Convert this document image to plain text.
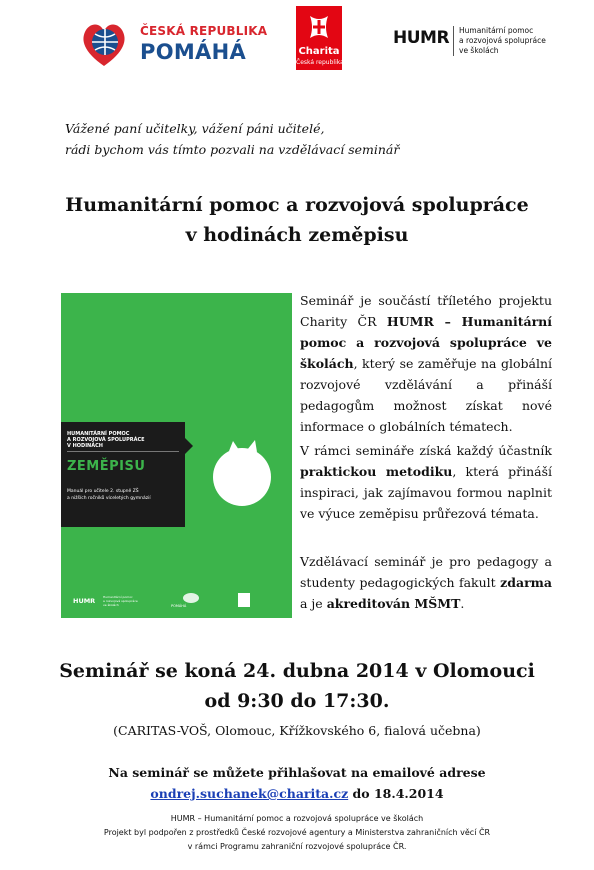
ČESKÁ REPUBLIKA
POMÁHÁ	Charita
Česká republika
HUMR Humanitární pomoc
a rozvojová spolupráce
ve školách
Vážené paní učitelky, vážení páni učitelé,
rádi bychom vás tímto pozvali na vzdělávací seminář
Humanitární pomoc a rozvojová spolupráce
v hodinách zeměpisu
HUMANITÁRNÍ POMOC
A ROZVOJOVÁ SPOLUPRÁCE
V HODINÁCH
ZEMĚPISU
Manuál pro učitele 2. stupně ZŠ
a nižších ročníků víceletých gymnázií
HUMR	Humanitární pomoc
a rozvojová spolupráce
ve školách	POMÁHÁ
Seminář je součástí tříletého projektu Charity ČR HUMR – Humanitární pomoc a rozvojová spolupráce ve školách, který se zaměřuje na globální rozvojové vzdělávání a přináší pedagogům možnost získat nové informace o globálních tématech.
V rámci semináře získá každý účastník praktickou metodiku, která přináší inspiraci, jak zajímavou formou naplnit ve výuce zeměpisu průřezová témata.
Vzdělávací seminář je pro pedagogy a studenty pedagogických fakult zdarma a je akreditován MŠMT.
Seminář se koná 24. dubna 2014 v Olomouci
od 9:30 do 17:30.
(CARITAS-VOŠ, Olomouc, Křížkovského 6, fialová učebna)
Na seminář se můžete přihlašovat na emailové adrese
ondrej.suchanek@charita.cz do 18.4.2014
HUMR – Humanitární pomoc a rozvojová spolupráce ve školách
Projekt byl podpořen z prostředků České rozvojové agentury a Ministerstva zahraničních věcí ČR
v rámci Programu zahraniční rozvojové spolupráce ČR.
